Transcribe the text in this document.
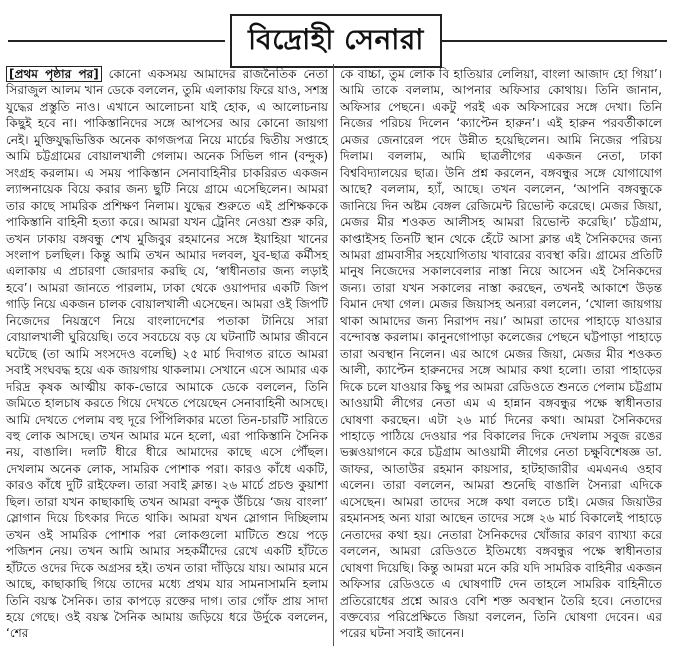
বিদ্রোহী সেনারা
[প্রথম পৃষ্ঠার পর] কোনো একসময় আমাদের রাজনৈতিক নেতা সিরাজুল আলম খান ডেকে বললেন, তুমি এলাকায় ফিরে যাও, সশস্ত্র যুদ্ধের প্রস্তুতি নাও। এখানে আলোচনা যাই হোক, এ আলোচনায় কিছুই হবে না। পাকিস্তানিদের সঙ্গে আপসের আর কোনো জায়গা নেই। মুক্তিযুদ্ধভিত্তিক অনেক কাগজপত্র নিয়ে মার্চের দ্বিতীয় সপ্তাহে আমি চট্টগ্রামের বোয়ালখালী গেলাম। অনেক সিভিল গান (বন্দুক) সংগ্রহ করলাম। এ সময় পাকিস্তান সেনাবাহিনীর চাকরিরত একজন ল্যান্সনায়েক বিয়ে করার জন্য ছুটি নিয়ে গ্রামে এসেছিলেন। আমরা তার কাছে সামরিক প্রশিক্ষণ নিলাম। যুদ্ধের শুরুতে এই প্রশিক্ষককে পাকিস্তানি বাহিনী হত্যা করে। আমরা যখন ট্রেনিং নেওয়া শুরু করি, তখন ঢাকায় বঙ্গবন্ধু শেখ মুজিবুর রহমানের সঙ্গে ইয়াহিয়া খানের সংলাপ চলছিল। কিন্তু আমি তখন আমার দলবল, যুব-ছাত্র কর্মীসহ এলাকায় এ প্রচারণা জোরদার করছি যে, ‘স্বাধীনতার জন্য লড়াই হবে’। আমরা জানতে পারলাম, ঢাকা থেকে ওয়াপদার একটি জিপ গাড়ি নিয়ে একজন চালক বোয়ালখালী এসেছেন। আমরা ওই জিপটি নিজেদের নিয়ন্ত্রণে নিয়ে বাংলাদেশের পতাকা টানিয়ে সারা বোয়ালখালী ঘুরিয়েছি। তবে সবচেয়ে বড় যে ঘটনাটি আমার জীবনে ঘটেছে (তা আমি সংসদেও বলেছি) ২৫ মার্চ দিবাগত রাতে আমরা সবাই সংঘবদ্ধ হয়ে এক জায়গায় থাকলাম। সেখানে এসে আমার এক দরিদ্র কৃষক আত্মীয় কাক-ভোরে আমাকে ডেকে বললেন, তিনি জমিতে হালচাষ করতে গিয়ে দেখতে পেয়েছেন সেনাবাহিনী আসছে। আমি দেখতে পেলাম বহু দূরে পিঁপিলিকার মতো তিন-চারটি সারিতে বহু লোক আসছে। তখন আমার মনে হলো, এরা পাকিস্তানি সৈনিক নয়, বাঙালি। দলটি ধীরে ধীরে আমাদের কাছে এসে পৌঁছল। দেখলাম অনেক লোক, সামরিক পোশাক পরা। কারও কাঁধে একটি, কারও কাঁধে দুটি রাইফেল। তারা সবাই ক্লান্ত। ২৬ মার্চে প্রচণ্ড কুয়াশা ছিল। তারা যখন কাছাকাছি তখন আমরা বন্দুক উঁচিয়ে ‘জয় বাংলা’ স্লোগান দিয়ে চিৎকার দিতে থাকি। আমরা যখন স্লোগান দিচ্ছিলাম তখন ওই সামরিক পোশাক পরা লোকগুলো মাটিতে শুয়ে পড়ে পজিশন নেয়। তখন আমি আমার সহকর্মীদের রেখে একটি হাঁটতে হাঁটতে ওদের দিকে অগ্রসর হই। তখন তারা দাঁড়িয়ে যায়। আমার মনে আছে, কাছাকাছি গিয়ে তাদের মধ্যে প্রথম যার সামনাসামনি হলাম তিনি বয়স্ক সৈনিক। তার কাপড়ে রক্তের দাগ। তার গোঁফ প্রায় সাদা হয়ে গেছে। ওই বয়স্ক সৈনিক আমায় জড়িয়ে ধরে উর্দুকে বললেন, ‘শের
কে বাচ্চা, তুম লোক বি হাতিয়ার লেলিয়া, বাংলা আজাদ হো গিয়া’। আমি তাকে বললাম, আপনার অফিসার কোথায়। তিনি জানান, অফিসার পেছনে। একটু পরই এক অফিসারের সঙ্গে দেখা। তিনি নিজের পরিচয় দিলেন ‘ক্যাপ্টেন হারুন’। এই হারুন পরবর্তীকালে মেজর জেনারেল পদে উন্নীত হয়েছিলেন। আমি নিজের পরিচয় দিলাম। বললাম, আমি ছাত্রলীগের একজন নেতা, ঢাকা বিশ্ববিদ্যালয়ের ছাত্র। উনি প্রশ্ন করলেন, বঙ্গবন্ধুর সঙ্গে যোগাযোগ আছে? বললাম, হ্যাঁ, আছে। তখন বললেন, ‘আপনি বঙ্গবন্ধুকে জানিয়ে দিন অষ্টম বেঙ্গল রেজিমেন্ট রিভোল্ট করেছে। মেজর জিয়া, মেজর মীর শওকত আলীসহ আমরা রিভোল্ট করেছি।’ চট্টগ্রাম, কাপ্তাইসহ তিনটি স্থান থেকে হেঁটে আসা ক্লান্ত এই সৈনিকদের জন্য আমরা গ্রামবাসীর সহযোগিতায় খাবারের ব্যবস্থা করি। গ্রামের প্রতিটি মানুষ নিজেদের সকালবেলার নাস্তা নিয়ে আসেন এই সৈনিকদের জন্য। তারা যখন সকালের নাস্তা করছেন, তখনই আকাশে উড়ন্ত বিমান দেখা গেল। মেজর জিয়াসহ অন্যরা বললেন, ‘খোলা জায়গায় থাকা আমাদের জন্য নিরাপদ নয়।’ আমরা তাদের পাহাড়ে যাওয়ার বন্দোবস্ত করলাম। কানুনগোপাড়া কলেজের পেছনে ঘট্টপাড়া পাহাড়ে তারা অবস্থান নিলেন। এর আগে মেজর জিয়া, মেজর মীর শওকত আলী, ক্যাপ্টেন হারুনদের সঙ্গে আমার কথা হলো। তারা পাহাড়ের দিকে চলে যাওয়ার কিছু পর আমরা রেডিওতে শুনতে পেলাম চট্টগ্রাম আওয়ামী লীগের নেতা এম এ হান্নান বঙ্গবন্ধুর পক্ষে স্বাধীনতার ঘোষণা করছেন। এটা ২৬ মার্চ দিনের কথা। আমরা সৈনিকদের পাহাড়ে পাঠিয়ে দেওয়ার পর বিকালের দিকে দেখলাম সবুজ রঙের ভক্সওয়াগনে করে চট্টগ্রাম আওয়ামী লীগের নেতা চক্ষুবিশেষজ্ঞ ডা. জাফর, আতাউর রহমান কায়সার, হাটহাজারীর এমএনএ ওহাব এলেন। তারা বললেন, আমরা শুনেছি বাঙালি সৈন্যরা এদিকে এসেছেন। আমরা তাদের সঙ্গে কথা বলতে চাই। মেজর জিয়াউর রহমানসহ অন্য যারা আছেন তাদের সঙ্গে ২৬ মার্চ বিকালেই পাহাড়ে নেতাদের কথা হয়। নেতারা সৈনিকদের খোঁজার কারণ ব্যাখ্যা করে বললেন, আমরা রেডিওতে ইতিমধ্যে বঙ্গবন্ধুর পক্ষে স্বাধীনতার ঘোষণা দিয়েছি। কিন্তু আমরা মনে করি যদি সামরিক বাহিনীর একজন অফিসার রেডিওতে এ ঘোষণাটি দেন তাহলে সামরিক বাহিনীতে প্রতিরোধের প্রশ্নে আরও বেশি শক্ত অবস্থান তৈরি হবে। নেতাদের বক্তব্যের পরিপ্রেক্ষিতে জিয়া বললেন, তিনি ঘোষণা দেবেন। এর পরের ঘটনা সবাই জানেন।
